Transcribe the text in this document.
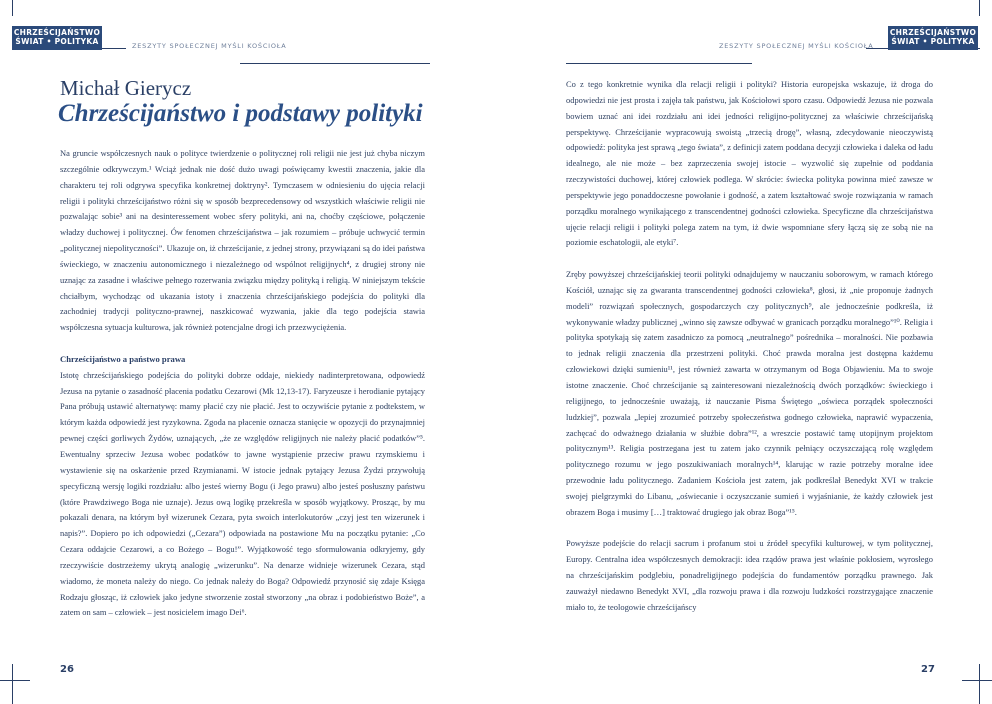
CHRZEŚCIJAŃSTWO
ŚWIAT • POLITYKA	ZESZYTY SPOŁECZNEJ MYŚLI KOŚCIOŁA
Michał Gierycz
Chrześcijaństwo i podstawy polityki

Na gruncie współczesnych nauk o polityce twierdzenie o politycznej roli religii nie jest już chyba niczym szczególnie odkrywczym.¹ Wciąż jednak nie dość dużo uwagi poświęcamy kwestii znaczenia, jakie dla charakteru tej roli odgrywa specyfika konkretnej doktryny². Tymczasem w odniesieniu do ujęcia relacji religii i polityki chrześcijaństwo różni się w sposób bezprecedensowy od wszystkich właściwie religii nie pozwalając sobie³ ani na desinteressement wobec sfery polityki, ani na, choćby częściowe, połączenie władzy duchowej i politycznej. Ów fenomen chrześcijaństwa – jak rozumiem – próbuje uchwycić termin „politycznej niepolityczności”. Ukazuje on, iż chrześcijanie, z jednej strony, przywiązani są do idei państwa świeckiego, w znaczeniu autonomicznego i niezależnego od wspólnot religijnych⁴, z drugiej strony nie uznając za zasadne i właściwe pełnego rozerwania związku między polityką i religią. W niniejszym tekście chciałbym, wychodząc od ukazania istoty i znaczenia chrześcijańskiego podejścia do polityki dla zachodniej tradycji polityczno-prawnej, naszkicować wyzwania, jakie dla tego podejścia stawia współczesna sytuacja kulturowa, jak również potencjalne drogi ich przezwyciężenia.

Chrześcijaństwo a państwo prawa

Istotę chrześcijańskiego podejścia do polityki dobrze oddaje, niekiedy nadinterpretowana, odpowiedź Jezusa na pytanie o zasadność płacenia podatku Cezarowi (Mk 12,13-17). Faryzeusze i herodianie pytający Pana próbują ustawić alternatywę: mamy płacić czy nie płacić. Jest to oczywiście pytanie z podtekstem, w którym każda odpowiedź jest ryzykowna. Zgoda na płacenie oznacza stanięcie w opozycji do przynajmniej pewnej części gorliwych Żydów, uznających, „że ze względów religijnych nie należy płacić podatków”⁵. Ewentualny sprzeciw Jezusa wobec podatków to jawne wystąpienie przeciw prawu rzymskiemu i wystawienie się na oskarżenie przed Rzymianami. W istocie jednak pytający Jezusa Żydzi przywołują specyficzną wersję logiki rozdziału: albo jesteś wierny Bogu (i Jego prawu) albo jesteś posłuszny państwu (które Prawdziwego Boga nie uznaje). Jezus ową logikę przekreśla w sposób wyjątkowy. Prosząc, by mu pokazali denara, na którym był wizerunek Cezara, pyta swoich interlokutorów „czyj jest ten wizerunek i napis?”. Dopiero po ich odpowiedzi („Cezara”) odpowiada na postawione Mu na początku pytanie: „Co Cezara oddajcie Cezarowi, a co Bożego – Bogu!”. Wyjątkowość tego sformułowania odkryjemy, gdy rzeczywiście dostrzeżemy ukrytą analogię „wizerunku”. Na denarze widnieje wizerunek Cezara, stąd wiadomo, że moneta należy do niego. Co jednak należy do Boga? Odpowiedź przynosić się zdaje Księga Rodzaju głosząc, iż człowiek jako jedyne stworzenie został stworzony „na obraz i podobieństwo Boże”, a zatem on sam – człowiek – jest nosicielem imago Dei⁶.

26
CHRZEŚCIJAŃSTWO
ŚWIAT • POLITYKA
ZESZYTY SPOŁECZNEJ MYŚLI KOŚCIOŁA
27

Co z tego konkretnie wynika dla relacji religii i polityki? Historia europejska wskazuje, iż droga do odpowiedzi nie jest prosta i zajęła tak państwu, jak Kościołowi sporo czasu. Odpowiedź Jezusa nie pozwala bowiem uznać ani idei rozdziału ani idei jedności religijno-politycznej za właściwie chrześcijańską perspektywę. Chrześcijanie wypracowują swoistą „trzecią drogę”, własną, zdecydowanie nieoczywistą odpowiedź: polityka jest sprawą „tego świata”, z definicji zatem poddana decyzji człowieka i daleka od ładu idealnego, ale nie może – bez zaprzeczenia swojej istocie – wyzwolić się zupełnie od poddania rzeczywistości duchowej, której człowiek podlega. W skrócie: świecka polityka powinna mieć zawsze w perspektywie jego ponaddoczesne powołanie i godność, a zatem kształtować swoje rozwiązania w ramach porządku moralnego wynikającego z transcendentnej godności człowieka. Specyficzne dla chrześcijaństwa ujęcie relacji religii i polityki polega zatem na tym, iż dwie wspomniane sfery łączą się ze sobą nie na poziomie eschatologii, ale etyki⁷.

Zręby powyższej chrześcijańskiej teorii polityki odnajdujemy w nauczaniu soborowym, w ramach którego Kościół, uznając się za gwaranta transcendentnej godności człowieka⁸, głosi, iż „nie proponuje żadnych modeli” rozwiązań społecznych, gospodarczych czy politycznych⁹, ale jednocześnie podkreśla, iż wykonywanie władzy publicznej „winno się zawsze odbywać w granicach porządku moralnego”¹⁰. Religia i polityka spotykają się zatem zasadniczo za pomocą „neutralnego” pośrednika – moralności. Nie pozbawia to jednak religii znaczenia dla przestrzeni polityki. Choć prawda moralna jest dostępna każdemu człowiekowi dzięki sumieniu¹¹, jest również zawarta w otrzymanym od Boga Objawieniu. Ma to swoje istotne znaczenie. Choć chrześcijanie są zainteresowani niezależnością dwóch porządków: świeckiego i religijnego, to jednocześnie uważają, iż nauczanie Pisma Świętego „oświeca porządek społeczności ludzkiej”, pozwala „lepiej zrozumieć potrzeby społeczeństwa godnego człowieka, naprawić wypaczenia, zachęcać do odważnego działania w służbie dobra”¹², a wreszcie postawić tamę utopijnym projektom politycznym¹³. Religia postrzegana jest tu zatem jako czynnik pełniący oczyszczającą rolę względem politycznego rozumu w jego poszukiwaniach moralnych¹⁴, klarując w razie potrzeby moralne idee przewodnie ładu politycznego. Zadaniem Kościoła jest zatem, jak podkreślał Benedykt XVI w trakcie swojej pielgrzymki do Libanu, „oświecanie i oczyszczanie sumień i wyjaśnianie, że każdy człowiek jest obrazem Boga i musimy […] traktować drugiego jak obraz Boga”¹⁵.

Powyższe podejście do relacji sacrum i profanum stoi u źródeł specyfiki kulturowej, w tym politycznej, Europy. Centralna idea współczesnych demokracji: idea rządów prawa jest właśnie pokłosiem, wyrosłego na chrześcijańskim podglebiu, ponadreligijnego podejścia do fundamentów porządku prawnego. Jak zauważył niedawno Benedykt XVI, „dla rozwoju prawa i dla rozwoju ludzkości rozstrzygające znaczenie miało to, że teologowie chrześcijańscy
